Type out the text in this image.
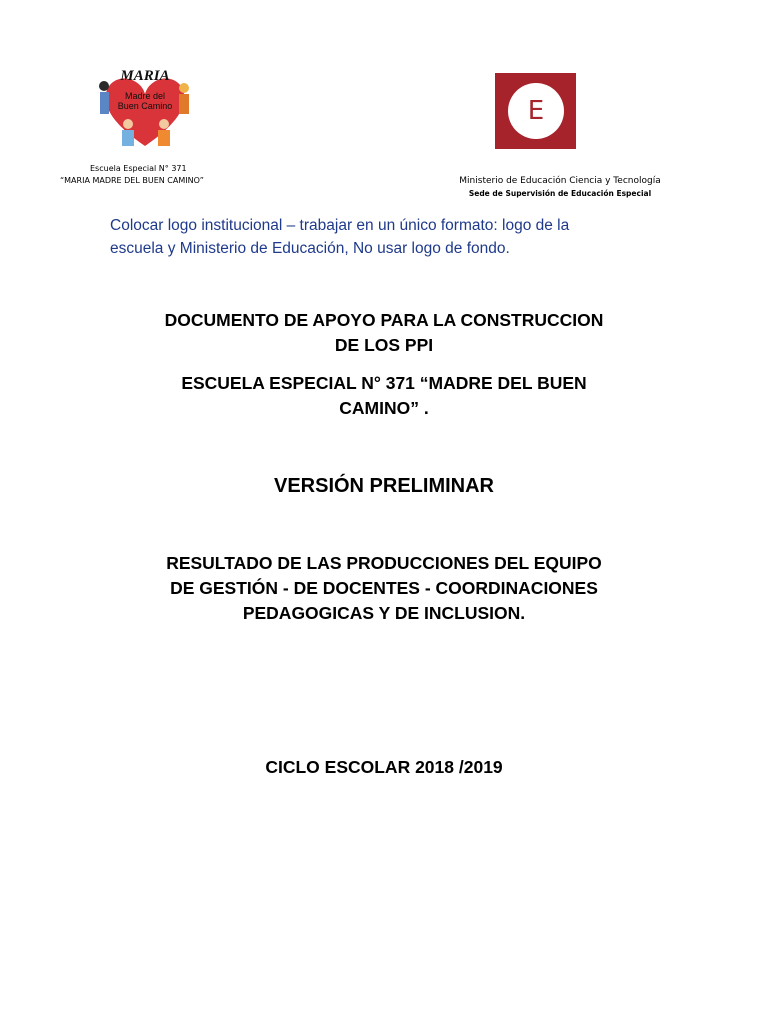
MARIA
Madre del
Buen Camino
Escuela Especial N° 371
“MARIA MADRE DEL BUEN CAMINO”
E
Ministerio de Educación Ciencia y Tecnología
Sede de Supervisión de Educación Especial
Colocar logo institucional – trabajar en un único formato: logo de la
escuela y Ministerio de Educación, No usar logo de fondo.
DOCUMENTO DE APOYO PARA LA CONSTRUCCION
DE LOS PPI
ESCUELA ESPECIAL N° 371 “MADRE DEL BUEN
CAMINO” .
VERSIÓN PRELIMINAR
RESULTADO DE LAS PRODUCCIONES DEL EQUIPO
DE GESTIÓN - DE DOCENTES - COORDINACIONES
PEDAGOGICAS Y DE INCLUSION.
CICLO ESCOLAR 2018 /2019
